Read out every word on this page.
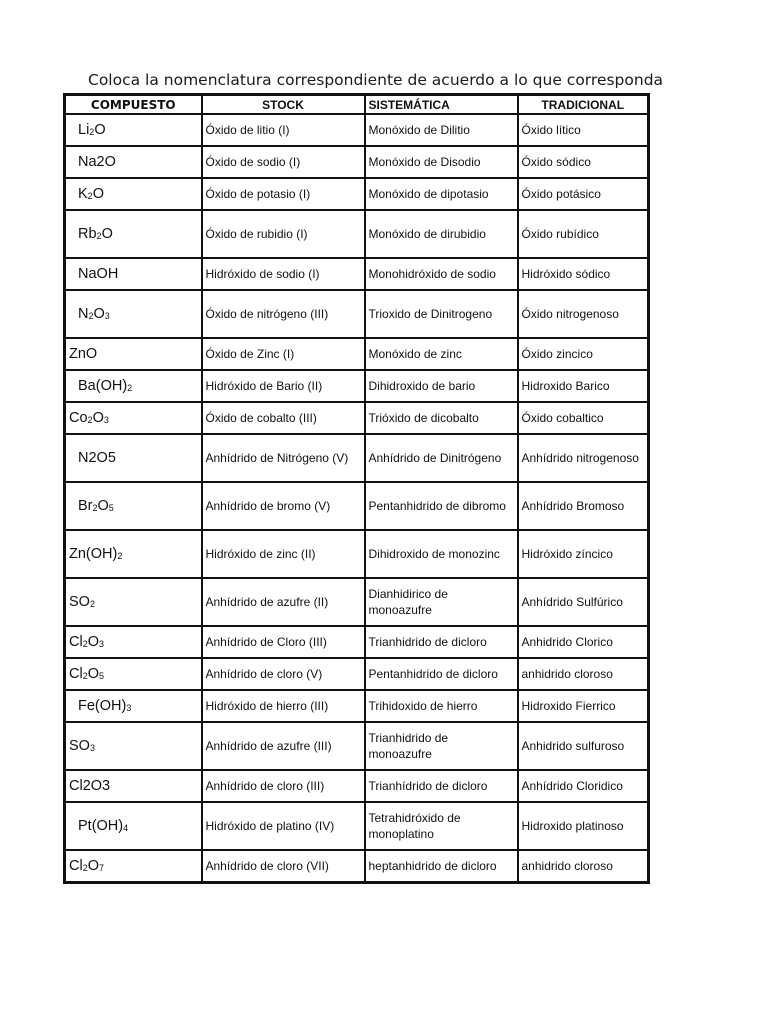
Coloca la nomenclatura correspondiente de acuerdo a lo que corresponda
COMPUESTO	STOCK	SISTEMÁTICA	TRADICIONAL
$Li_2O$	Óxido de litio (I)	Monóxido de Dilitio	Óxido lítico
Na2O	Óxido de sodio (I)	Monóxido de Disodio	Óxido sódico
$K_2O$	Óxido de potasio (I)	Monóxido de dipotasio	Óxido potásico
$Rb_2O$	Óxido de rubidio (I)	Monóxido de dirubidio	Óxido rubídico
NaOH	Hidróxido de sodio (I)	Monohidróxido de sodio	Hidróxido sódico
$N_2O_3$	Óxido de nitrógeno (III)	Trioxido de Dinitrogeno	Óxido nitrogenoso
ZnO	Óxido de Zinc (I)	Monóxido de zinc	Óxido zincico
$Ba(OH)_2$	Hidróxido de Bario (II)	Dihidroxido de bario	Hidroxido Barico
$Co_2O_3$	Óxido de cobalto (III)	Trióxido de dicobalto	Óxido cobaltico
N2O5	Anhídrido de Nitrógeno (V)	Anhídrido de Dinitrógeno	Anhídrido nitrogenoso
$Br_2O_5$	Anhídrido de bromo (V)	Pentanhidrido de dibromo	Anhídrido Bromoso
$Zn(OH)_2$	Hidróxido de zinc (II)	Dihidroxido de monozinc	Hidróxido zíncico
$SO_2$	Anhídrido de azufre (II)	Dianhidirico de monoazufre	Anhídrido Sulfúrico
$Cl_2O_3$	Anhídrido de Cloro (III)	Trianhidrido de dicloro	Anhidrido Clorico
$Cl_2O_5$	Anhídrido de cloro (V)	Pentanhidrido de dicloro	anhidrido cloroso
$Fe(OH)_3$	Hidróxido de hierro (III)	Trihidoxido de hierro	Hidroxido Fierrico
$SO_3$	Anhídrido de azufre (III)	Trianhidrido de monoazufre	Anhidrido sulfuroso
Cl2O3	Anhídrido de cloro (III)	Trianhídrido de dicloro	Anhídrido Cloridico
$Pt(OH)_4$	Hidróxido de platino (IV)	Tetrahidróxido de monoplatino	Hidroxido platinoso
$Cl_2O_7$	Anhídrido de cloro (VII)	heptanhidrido de dicloro	anhidrido cloroso
